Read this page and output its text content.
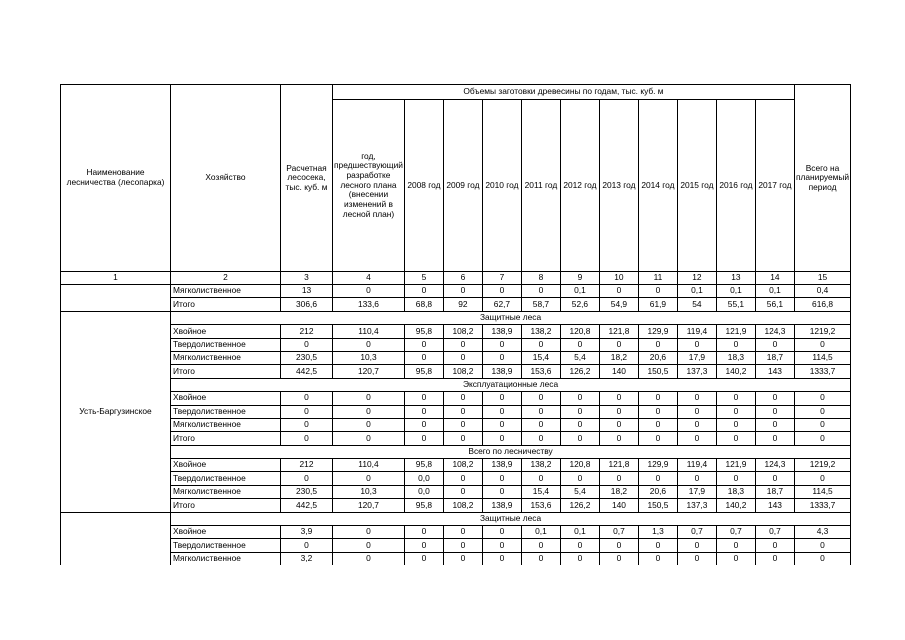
Наименование лесничества (лесопарка)	Хозяйство	Расчетная лесосека, тыс. куб. м	Объемы заготовки древесины по годам, тыс. куб. м											Всего на планируемый период
			год, предшествующий разработке лесного плана (внесении изменений в лесной план)	2008 год	2009 год	2010 год	2011 год	2012 год	2013 год	2014 год	2015 год	2016 год	2017 год	
1	2	3	4	5	6	7	8	9	10	11	12	13	14	15
	Мягколиственное	13	0	0	0	0	0	0,1	0	0	0,1	0,1	0,1	0,4
	Итого	306,6	133,6	68,8	92	62,7	58,7	52,6	54,9	61,9	54	55,1	56,1	616,8
Усть-Баргузинское	Защитные леса													
	Хвойное	212	110,4	95,8	108,2	138,9	138,2	120,8	121,8	129,9	119,4	121,9	124,3	1219,2
	Твердолиственное	0	0	0	0	0	0	0	0	0	0	0	0	0
	Мягколиственное	230,5	10,3	0	0	0	15,4	5,4	18,2	20,6	17,9	18,3	18,7	114,5
	Итого	442,5	120,7	95,8	108,2	138,9	153,6	126,2	140	150,5	137,3	140,2	143	1333,7
	Эксплуатационные леса													
	Хвойное	0	0	0	0	0	0	0	0	0	0	0	0	0
	Твердолиственное	0	0	0	0	0	0	0	0	0	0	0	0	0
	Мягколиственное	0	0	0	0	0	0	0	0	0	0	0	0	0
	Итого	0	0	0	0	0	0	0	0	0	0	0	0	0
	Всего по лесничеству													
	Хвойное	212	110,4	95,8	108,2	138,9	138,2	120,8	121,8	129,9	119,4	121,9	124,3	1219,2
	Твердолиственное	0	0	0,0	0	0	0	0	0	0	0	0	0	0
	Мягколиственное	230,5	10,3	0,0	0	0	15,4	5,4	18,2	20,6	17,9	18,3	18,7	114,5
	Итого	442,5	120,7	95,8	108,2	138,9	153,6	126,2	140	150,5	137,3	140,2	143	1333,7
	Защитные леса													
	Хвойное	3,9	0	0	0	0	0,1	0,1	0,7	1,3	0,7	0,7	0,7	4,3
	Твердолиственное	0	0	0	0	0	0	0	0	0	0	0	0	0
	Мягколиственное	3,2	0	0	0	0	0	0	0	0	0	0	0	0
